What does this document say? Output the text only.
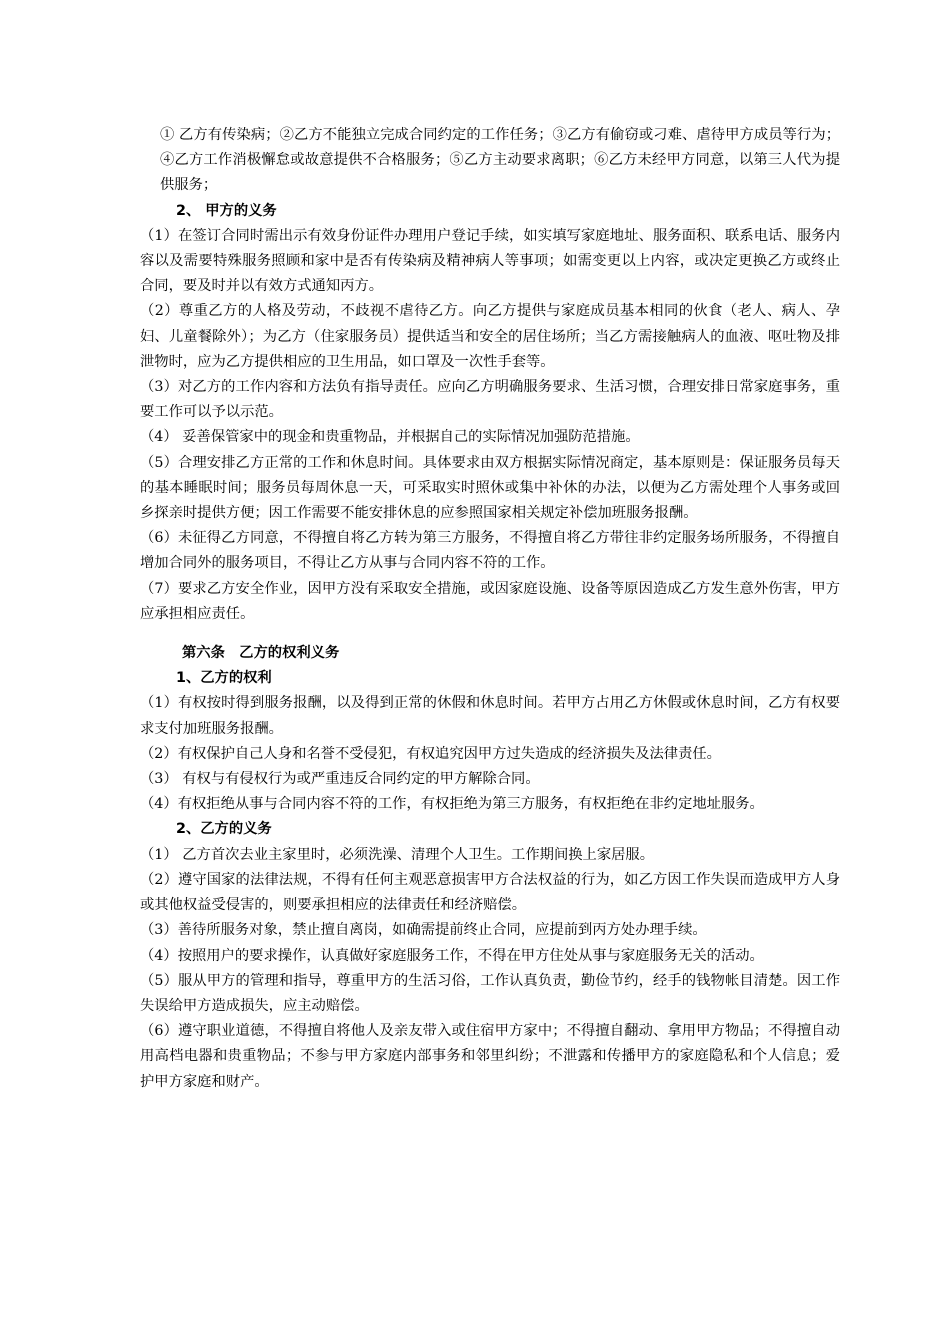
① 乙方有传染病；②乙方不能独立完成合同约定的工作任务；③乙方有偷窃或刁难、虐待甲方成员等行为；④乙方工作消极懈怠或故意提供不合格服务；⑤乙方主动要求离职；⑥乙方未经甲方同意，以第三人代为提供服务；

2、 甲方的义务

（1）在签订合同时需出示有效身份证件办理用户登记手续，如实填写家庭地址、服务面积、联系电话、服务内容以及需要特殊服务照顾和家中是否有传染病及精神病人等事项；如需变更以上内容，或决定更换乙方或终止合同，要及时并以有效方式通知丙方。

（2）尊重乙方的人格及劳动，不歧视不虐待乙方。向乙方提供与家庭成员基本相同的伙食（老人、病人、孕妇、儿童餐除外）；为乙方（住家服务员）提供适当和安全的居住场所；当乙方需接触病人的血液、呕吐物及排泄物时，应为乙方提供相应的卫生用品，如口罩及一次性手套等。

（3）对乙方的工作内容和方法负有指导责任。应向乙方明确服务要求、生活习惯，合理安排日常家庭事务，重要工作可以予以示范。

（4） 妥善保管家中的现金和贵重物品，并根据自己的实际情况加强防范措施。

（5）合理安排乙方正常的工作和休息时间。具体要求由双方根据实际情况商定，基本原则是：保证服务员每天的基本睡眠时间；服务员每周休息一天，可采取实时照休或集中补休的办法，以便为乙方需处理个人事务或回乡探亲时提供方便；因工作需要不能安排休息的应参照国家相关规定补偿加班服务报酬。

（6）未征得乙方同意，不得擅自将乙方转为第三方服务，不得擅自将乙方带往非约定服务场所服务，不得擅自增加合同外的服务项目，不得让乙方从事与合同内容不符的工作。

（7）要求乙方安全作业，因甲方没有采取安全措施，或因家庭设施、设备等原因造成乙方发生意外伤害，甲方应承担相应责任。

第六条　乙方的权利义务

1、乙方的权利

（1）有权按时得到服务报酬，以及得到正常的休假和休息时间。若甲方占用乙方休假或休息时间，乙方有权要求支付加班服务报酬。

（2）有权保护自己人身和名誉不受侵犯，有权追究因甲方过失造成的经济损失及法律责任。

（3） 有权与有侵权行为或严重违反合同约定的甲方解除合同。

（4）有权拒绝从事与合同内容不符的工作，有权拒绝为第三方服务，有权拒绝在非约定地址服务。

2、乙方的义务

（1） 乙方首次去业主家里时，必须洗澡、清理个人卫生。工作期间换上家居服。

（2）遵守国家的法律法规，不得有任何主观恶意损害甲方合法权益的行为，如乙方因工作失误而造成甲方人身或其他权益受侵害的，则要承担相应的法律责任和经济赔偿。

（3）善待所服务对象，禁止擅自离岗，如确需提前终止合同，应提前到丙方处办理手续。

（4）按照用户的要求操作，认真做好家庭服务工作，不得在甲方住处从事与家庭服务无关的活动。

（5）服从甲方的管理和指导，尊重甲方的生活习俗，工作认真负责，勤俭节约，经手的钱物帐目清楚。因工作失误给甲方造成损失，应主动赔偿。

（6）遵守职业道德，不得擅自将他人及亲友带入或住宿甲方家中；不得擅自翻动、拿用甲方物品；不得擅自动用高档电器和贵重物品；不参与甲方家庭内部事务和邻里纠纷；不泄露和传播甲方的家庭隐私和个人信息；爱护甲方家庭和财产。
